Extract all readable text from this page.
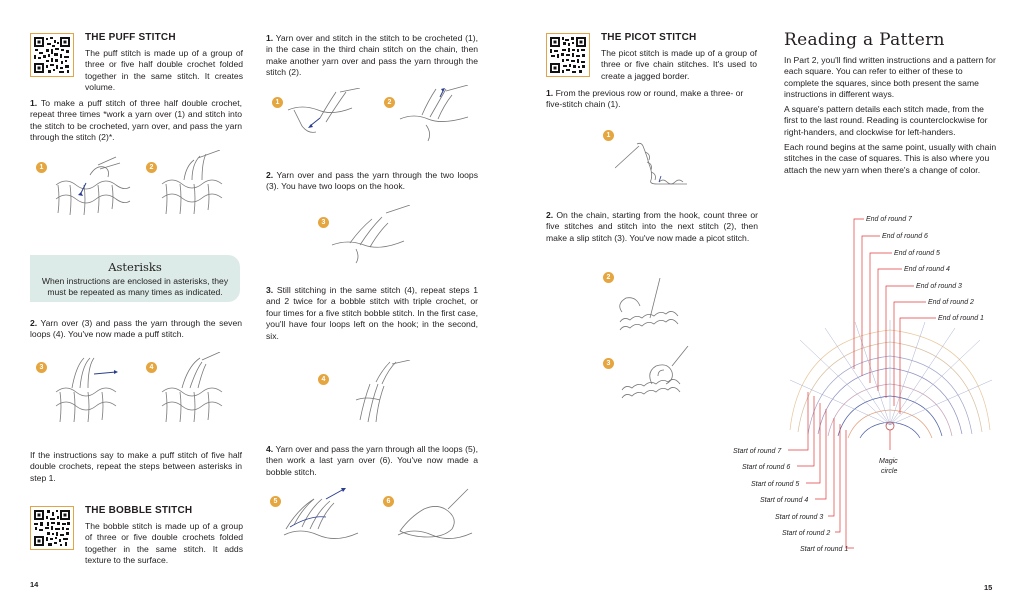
THE PUFF STITCH

The puff stitch is made up of a group of three or five half double crochet folded together in the same stitch. It creates volume.

1. To make a puff stitch of three half double crochet, repeat three times *work a yarn over (1) and stitch into the stitch to be crocheted, yarn over, and pass the yarn through the stitch (2)*.
1	2

Asterisks

When instructions are enclosed in asterisks, they must be repeated as many times as indicated.

2. Yarn over (3) and pass the yarn through the seven loops (4). You've now made a puff stitch.
3	4

If the instructions say to make a puff stitch of five half double crochets, repeat the steps between asterisks in step 1.

THE BOBBLE STITCH

The bobble stitch is made up of a group of three or five double crochets folded together in the same stitch. It adds texture to the surface.

1. Yarn over and stitch in the stitch to be crocheted (1), in the case in the third chain stitch on the chain, then make another yarn over and pass the yarn through the stitch (2).
1	2
2. Yarn over and pass the yarn through the two loops (3). You have two loops on the hook.
3
3. Still stitching in the same stitch (4), repeat steps 1 and 2 twice for a bobble stitch with triple crochet, or four times for a five stitch bobble stitch. In the first case, you'll have four loops left on the hook; in the second, six.
4
4. Yarn over and pass the yarn through all the loops (5), then work a last yarn over (6). You've now made a bobble stitch.
5	6
14

THE PICOT STITCH

The picot stitch is made up of a group of three or five chain stitches. It's used to create a jagged border.

1. From the previous row or round, make a three- or five-stitch chain (1).
1
2. On the chain, starting from the hook, count three or five stitches and stitch into the next stitch (2), then make a slip stitch (3). You've now made a picot stitch.
2
3

Reading a Pattern

In Part 2, you'll find written instructions and a pattern for each square. You can refer to either of these to complete the squares, since both present the same instructions in different ways.

A square's pattern details each stitch made, from the first to the last round. Reading is counterclockwise for right-handers, and clockwise for left-handers.

Each round begins at the same point, usually with chain stitches in the case of squares. This is also where you attach the new yarn when there's a change of color.

End of round 7
End of round 6
End of round 5
End of round 4
End of round 3
End of round 2
End of round 1
Start of round 7
Start of round 6
Start of round 5
Start of round 4
Start of round 3
Start of round 2
Start of round 1
Magic
circle
15
